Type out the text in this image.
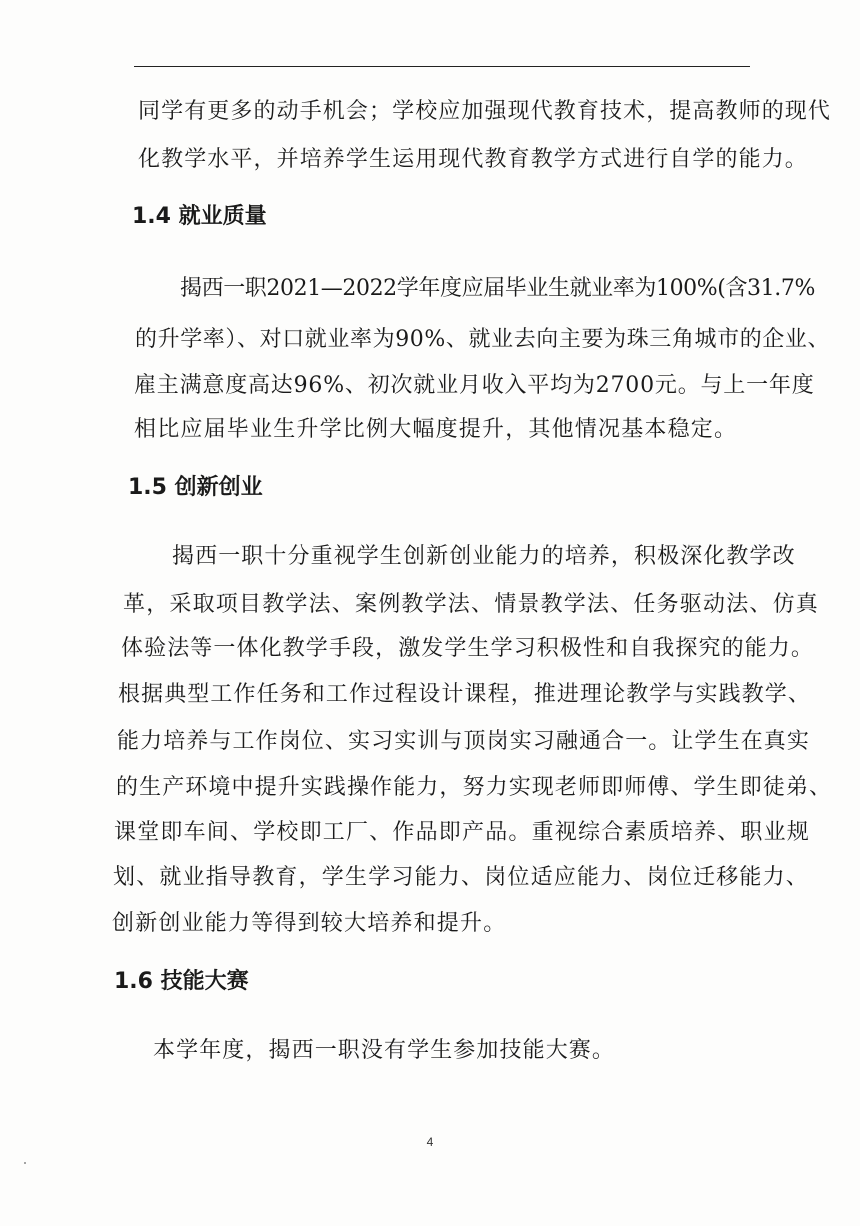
同学有更多的动手机会；学校应加强现代教育技术，提高教师的现代
化教学水平，并培养学生运用现代教育教学方式进行自学的能力。
1.4 就业质量
揭西一职2021—2022学年度应届毕业生就业率为100%(含31.7%
的升学率）、对口就业率为90%、就业去向主要为珠三角城市的企业、
雇主满意度高达96%、初次就业月收入平均为2700元。与上一年度
相比应届毕业生升学比例大幅度提升，其他情况基本稳定。
1.5 创新创业
揭西一职十分重视学生创新创业能力的培养，积极深化教学改
革，采取项目教学法、案例教学法、情景教学法、任务驱动法、仿真
体验法等一体化教学手段，激发学生学习积极性和自我探究的能力。
根据典型工作任务和工作过程设计课程，推进理论教学与实践教学、
能力培养与工作岗位、实习实训与顶岗实习融通合一。让学生在真实
的生产环境中提升实践操作能力，努力实现老师即师傅、学生即徒弟、
课堂即车间、学校即工厂、作品即产品。重视综合素质培养、职业规
划、就业指导教育，学生学习能力、岗位适应能力、岗位迁移能力、
创新创业能力等得到较大培养和提升。
1.6 技能大赛
本学年度，揭西一职没有学生参加技能大赛。
4
